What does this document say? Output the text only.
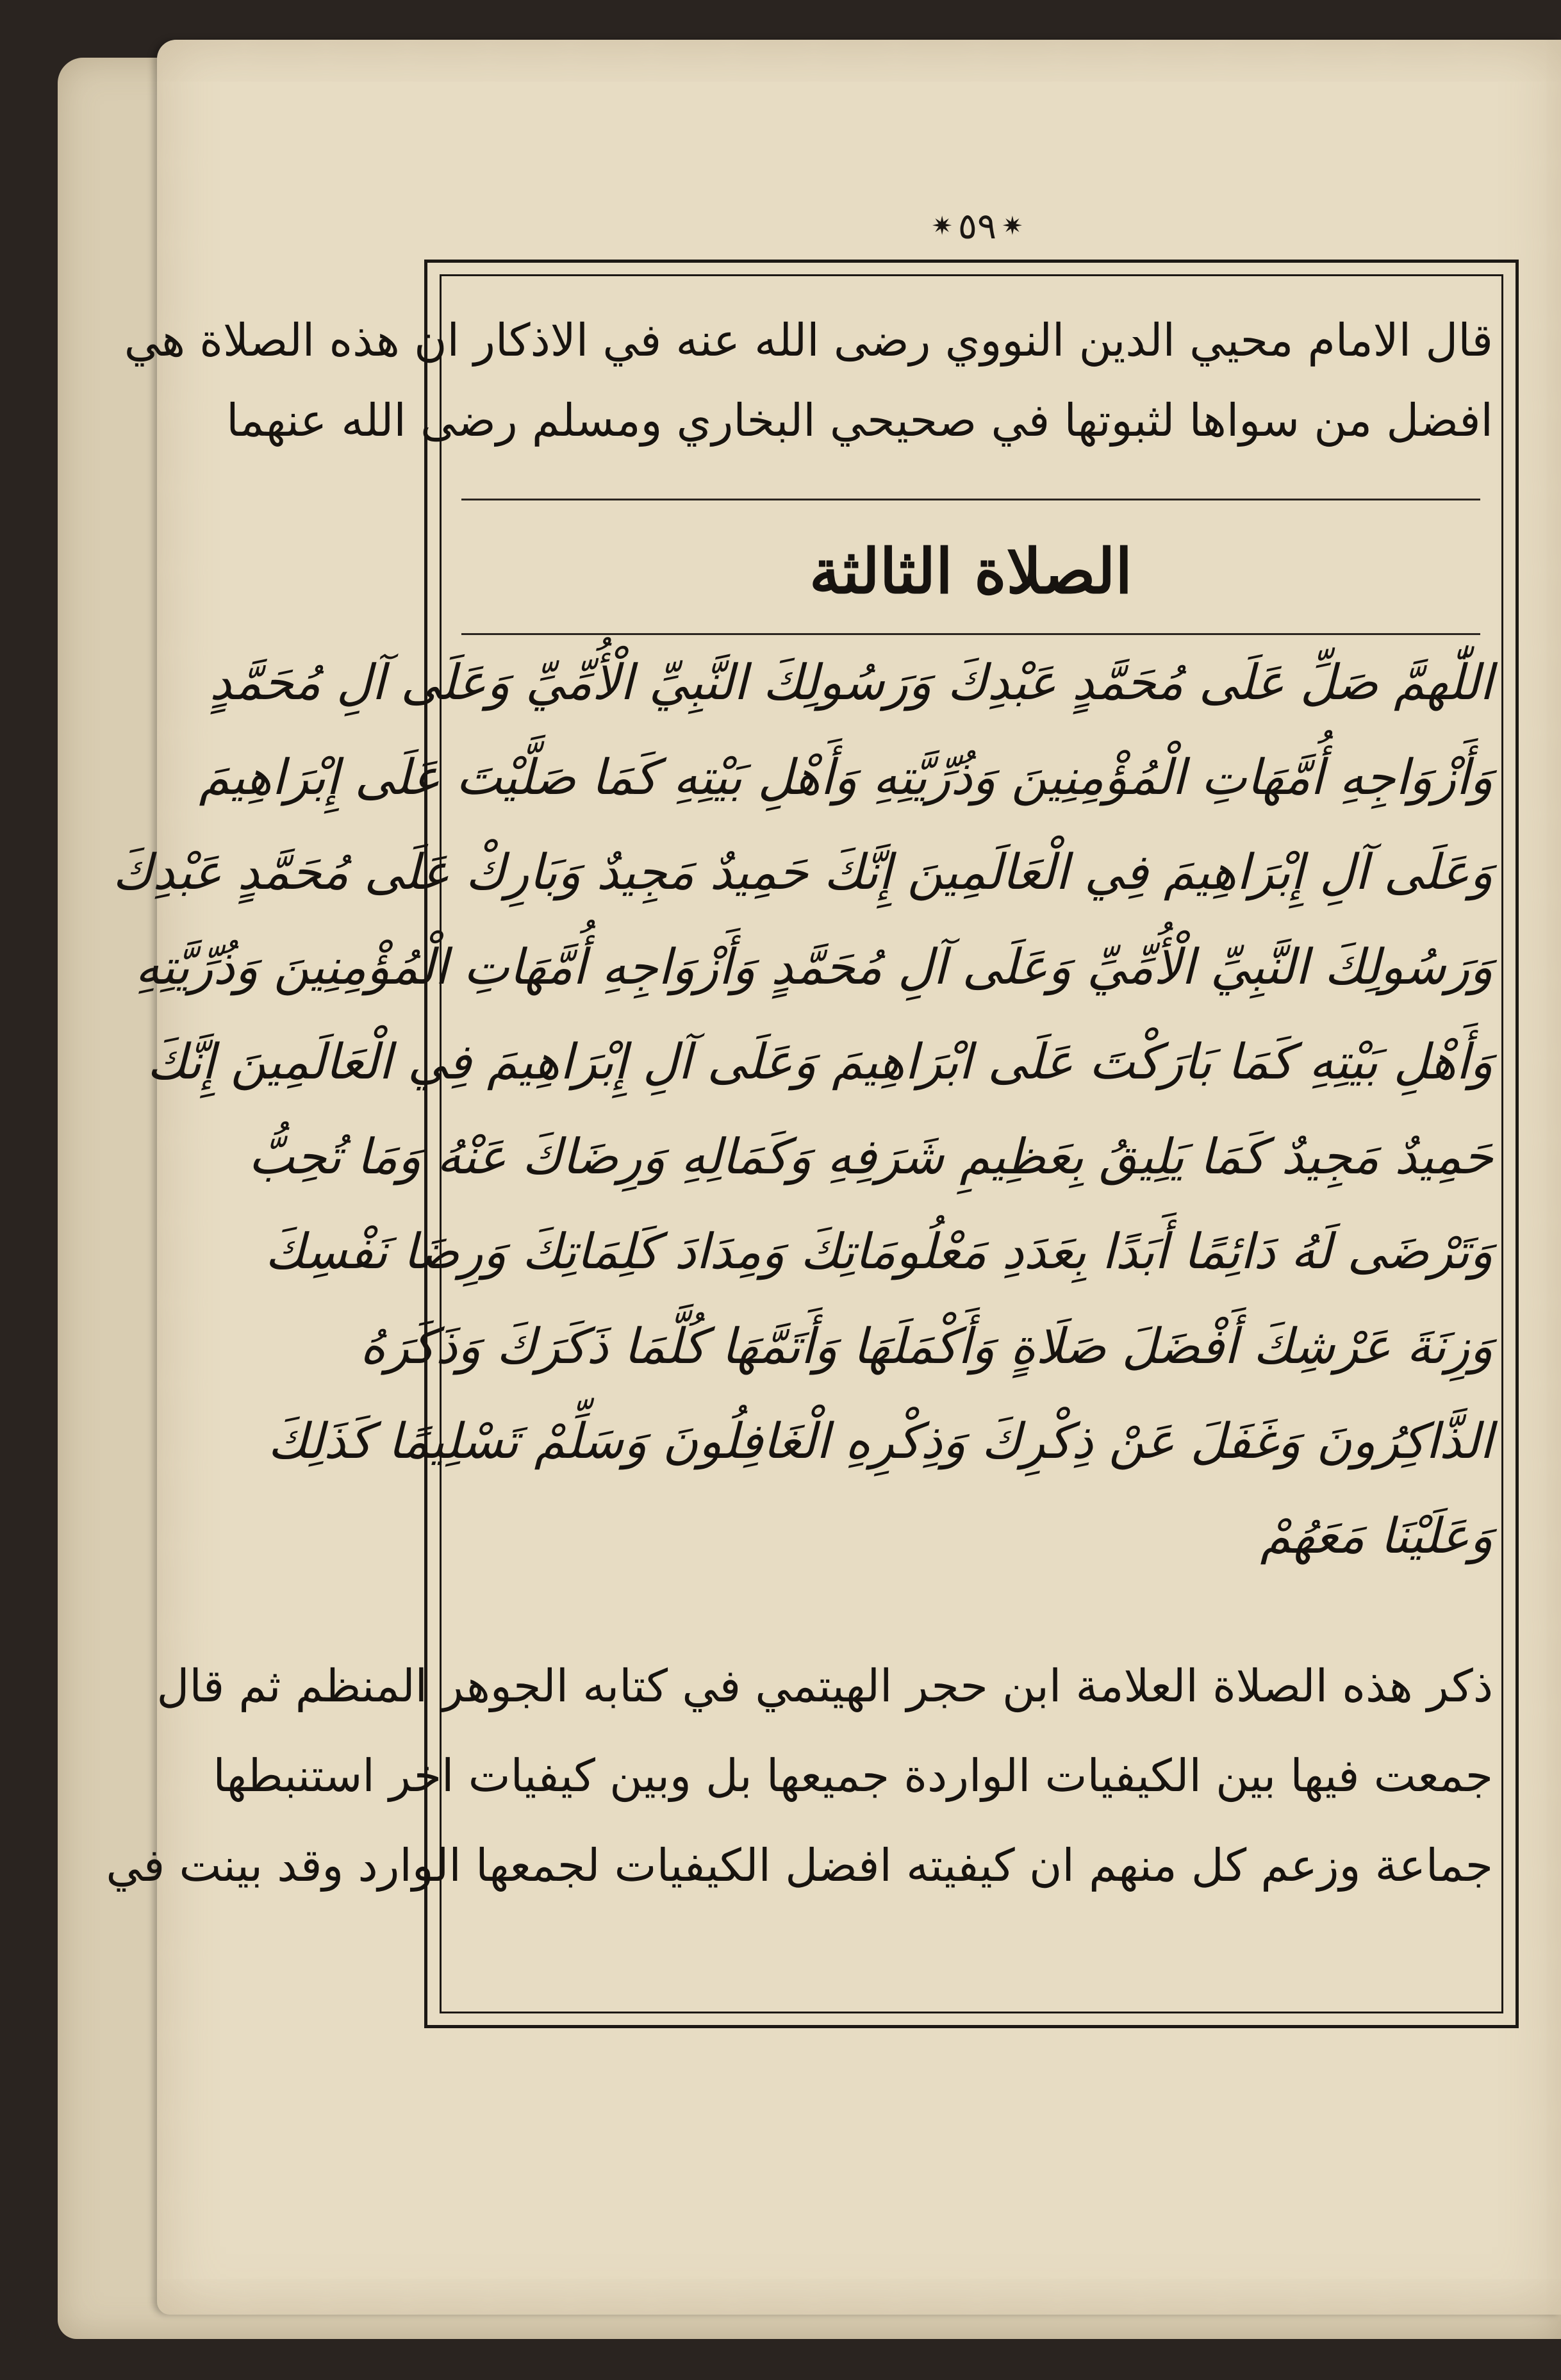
✷
٥٩
✷
قال الامام محيي الدين النووي رضى الله عنه في الاذكار ان هذه الصلاة هي
افضل من سواها لثبوتها في صحيحي البخاري ومسلم رضى الله عنهما
الصلاة الثالثة
اللّٰهمَّ صَلِّ عَلَى مُحَمَّدٍ عَبْدِكَ وَرَسُولِكَ النَّبِيِّ الْأُمِّيِّ وَعَلَى آلِ مُحَمَّدٍ
وَأَزْوَاجِهِ أُمَّهَاتِ الْمُؤْمِنِينَ وَذُرِّيَّتِهِ وَأَهْلِ بَيْتِهِ كَمَا صَلَّيْتَ عَلَى إِبْرَاهِيمَ
وَعَلَى آلِ إِبْرَاهِيمَ فِي الْعَالَمِينَ إِنَّكَ حَمِيدٌ مَجِيدٌ وَبَارِكْ عَلَى مُحَمَّدٍ عَبْدِكَ
وَرَسُولِكَ النَّبِيِّ الْأُمِّيِّ وَعَلَى آلِ مُحَمَّدٍ وَأَزْوَاجِهِ أُمَّهَاتِ الْمُؤْمِنِينَ وَذُرِّيَّتِهِ
وَأَهْلِ بَيْتِهِ كَمَا بَارَكْتَ عَلَى ابْرَاهِيمَ وَعَلَى آلِ إِبْرَاهِيمَ فِي الْعَالَمِينَ إِنَّكَ
حَمِيدٌ مَجِيدٌ كَمَا يَلِيقُ بِعَظِيمِ شَرَفِهِ وَكَمَالِهِ وَرِضَاكَ عَنْهُ وَمَا تُحِبُّ
وَتَرْضَى لَهُ دَائِمًا أَبَدًا بِعَدَدِ مَعْلُومَاتِكَ وَمِدَادَ كَلِمَاتِكَ وَرِضَا نَفْسِكَ
وَزِنَةَ عَرْشِكَ أَفْضَلَ صَلَاةٍ وَأَكْمَلَهَا وَأَتَمَّهَا كُلَّمَا ذَكَرَكَ وَذَكَرَهُ
الذَّاكِرُونَ وَغَفَلَ عَنْ ذِكْرِكَ وَذِكْرِهِ الْغَافِلُونَ وَسَلِّمْ تَسْلِيمًا كَذَلِكَ
وَعَلَيْنَا مَعَهُمْ
ذكر هذه الصلاة العلامة ابن حجر الهيتمي في كتابه الجوهر المنظم ثم قال
جمعت فيها بين الكيفيات الواردة جميعها بل وبين كيفيات اخر استنبطها
جماعة وزعم كل منهم ان كيفيته افضل الكيفيات لجمعها الوارد وقد بينت في
